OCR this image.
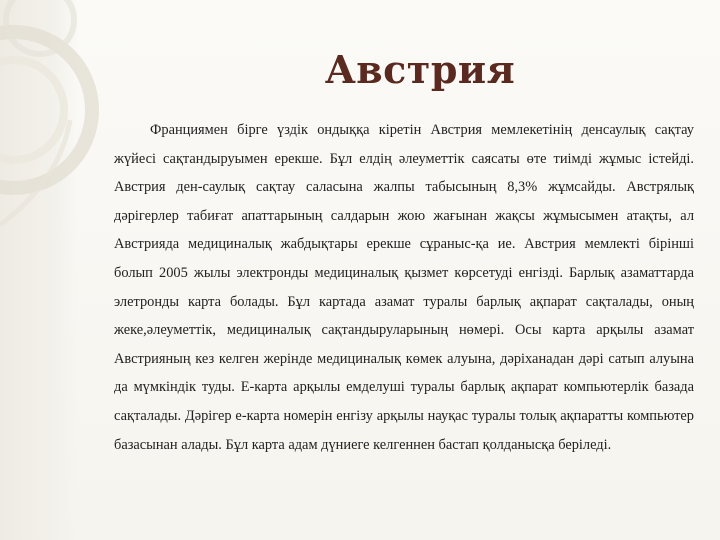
Австрия

Франциямен бірге үздік ондыққа кіретін Австрия мемлекетінің денсаулық сақтау жүйесі сақтандыруымен ерекше. Бұл елдің әлеуметтік саясаты өте тиімді жұмыс істейді. Австрия ден-саулық сақтау саласына жалпы табысының 8,3% жұмсайды. Австрялық дәрігерлер табиғат апаттарының салдарын жою жағынан жақсы жұмысымен атақты, ал Австрияда медициналық жабдықтары ерекше сұраныс-қа ие. Австрия мемлекті бірінші болып 2005 жылы электронды медициналық қызмет көрсетуді енгізді. Барлық азаматтарда элетронды карта болады. Бұл картада азамат туралы барлық ақпарат сақталады, оның жеке,әлеуметтік, медициналық сақтандыруларының нөмері. Осы карта арқылы азамат Австрияның кез келген жерінде медициналық көмек алуына, дәріханадан дәрі сатып алуына да мүмкіндік туды. Е-карта арқылы емделуші туралы барлық ақпарат компьютерлік базада сақталады. Дәрігер е-карта номерін енгізу арқылы науқас туралы толық ақпаратты компьютер базасынан алады. Бұл карта адам дүниеге келгеннен бастап қолданысқа беріледі.
